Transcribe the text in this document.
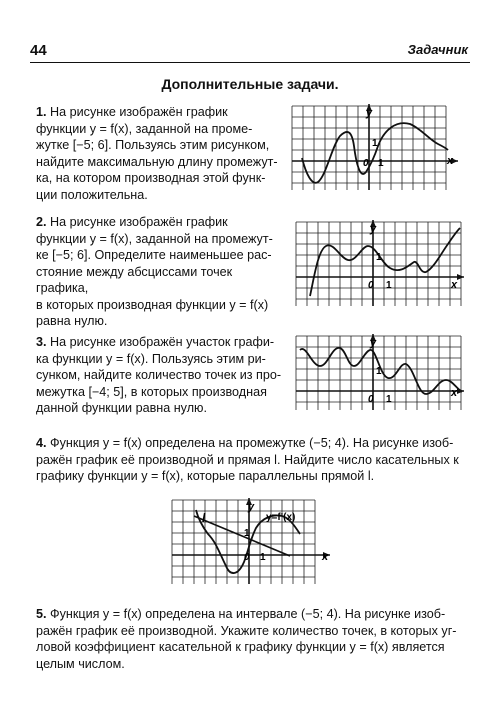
44	Задачник
Дополнительные задачи.
1. На рисунке изображён график
функции y = f(x), заданной на проме-
жутке [−5; 6]. Пользуясь этим рисунком,
найдите максимальную длину промежут-
ка, на котором производная этой функ-
ции положительна.
y
x
0 1
1
2. На рисунке изображён график
функции y = f(x), заданной на промежут-
ке [−5; 6]. Определите наименьшее рас-
стояние между абсциссами точек графика,
в которых производная функции y = f(x)
равна нулю.
y
x
0 1
1
3. На рисунке изображён участок графи-
ка функции y = f(x). Пользуясь этим ри-
сунком, найдите количество точек из про-
межутка [−4; 5], в которых производная
данной функции равна нулю.
y
x
0 1
1
4. Функция y = f(x) определена на промежутке (−5; 4). На рисунке изоб-
ражён график её производной и прямая l. Найдите число касательных к
графику функции y = f(x), которые параллельны прямой l.
l	y=f'(x)
y
x
0 1
1
5. Функция y = f(x) определена на интервале (−5; 4). На рисунке изоб-
ражён график её производной. Укажите количество точек, в которых уг-
ловой коэффициент касательной к графику функции y = f(x) является
целым числом.
